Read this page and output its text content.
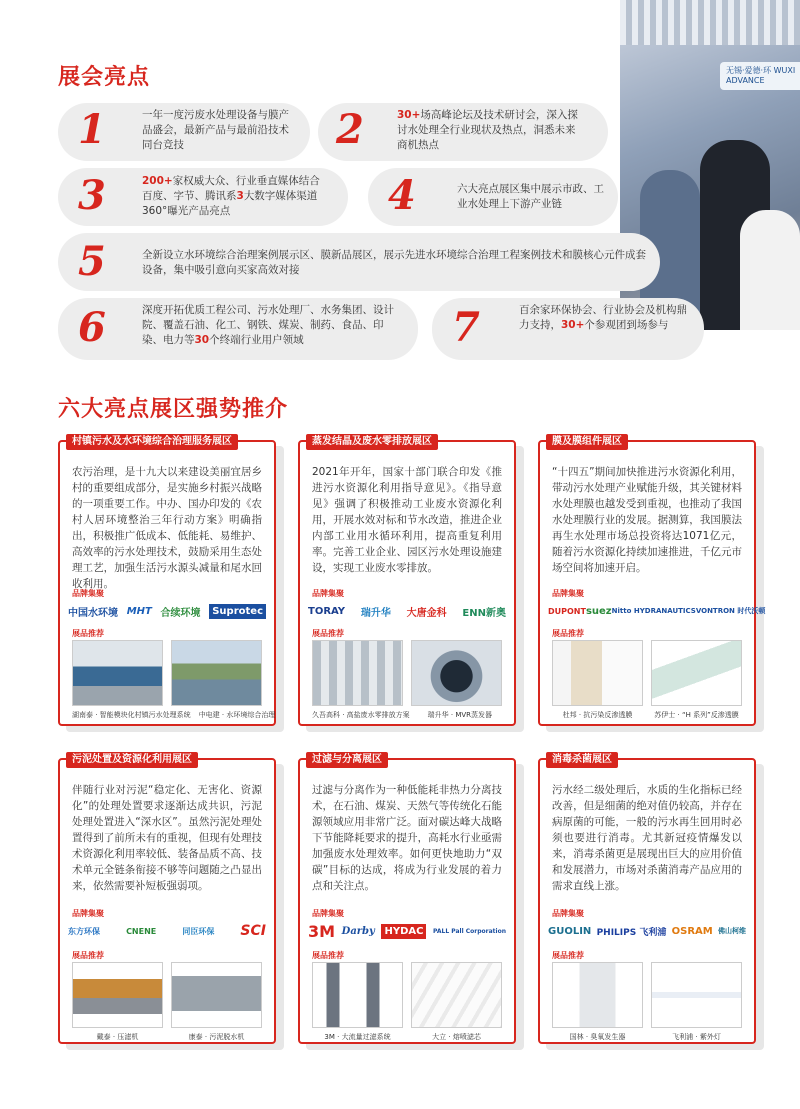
无锡·爱德·环 WUXI ADVANCE
展会亮点
1	一年一度污废水处理设备与膜产品盛会，最新产品与最前沿技术同台竞技	2	30+场高峰论坛及技术研讨会，深入探讨水处理全行业现状及热点，洞悉未来商机热点
3	200+家权威大众、行业垂直媒体结合百度、字节、腾讯系3大数字媒体渠道360°曝光产品亮点	4	六大亮点展区集中展示市政、工业水处理上下游产业链
5	全新设立水环境综合治理案例展示区、膜新品展区，展示先进水环境综合治理工程案例技术和膜核心元件成套设备，集中吸引意向买家高效对接
6	深度开拓优质工程公司、污水处理厂、水务集团、设计院、覆盖石油、化工、钢铁、煤炭、制药、食品、印染、电力等30个终端行业用户领域	7	百余家环保协会、行业协会及机构鼎力支持，30+个参观团到场参与
六大亮点展区强势推介
村镇污水及水环境综合治理服务展区
农污治理，是十九大以来建设美丽宜居乡村的重要组成部分，是实施乡村振兴战略的一项重要工作。中办、国办印发的《农村人居环境整治三年行动方案》明确指出，积极推广低成本、低能耗、易维护、高效率的污水处理技术，鼓励采用生态处理工艺，加强生活污水源头减量和尾水回收利用。
品牌集聚
中国水环境 MHT 合续环境	Suprotec
展品推荐
湖南泰 · 智能模块化村镇污水处理系统 中电建 · 水环境综合治理
蒸发结晶及废水零排放展区
2021年开年，国家十部门联合印发《推进污水资源化利用指导意见》。《指导意见》强调了积极推动工业废水资源化利用，开展水效对标和节水改造，推进企业内部工业用水循环利用，提高重复利用率。完善工业企业、园区污水处理设施建设，实现工业废水零排放。
品牌集聚
TORAY 瑞升华 大唐金科 ENN新奥
展品推荐
久吾高科 · 高盐废水零排放方案	瑞升华 · MVR蒸发器
膜及膜组件展区
“十四五”期间加快推进污水资源化利用，带动污水处理产业赋能升级，其关键材料水处理膜也越发受到重视，也推动了我国水处理膜行业的发展。据测算，我国膜法再生水处理市场总投资将达1071亿元，随着污水资源化持续加速推进，千亿元市场空间将加速开启。
品牌集聚
DUPONT suez Nitto HYDRANAUTICS VONTRON 时代沃顿
展品推荐
杜邦 · 抗污染反渗透膜	苏伊士 · “H 系列”反渗透膜
污泥处置及资源化利用展区
伴随行业对污泥“稳定化、无害化、资源化”的处理处置要求逐渐达成共识，污泥处理处置进入“深水区”。虽然污泥处理处置得到了前所未有的重视，但现有处理技术资源化利用率较低、装备品质不高、技术单元全链条衔接不够等问题随之凸显出来，依然需要补短板强弱项。
品牌集聚
东方环保	CNENE	同臣环保 SCI
展品推荐
戴泰 · 压滤机	康泰 · 污泥脱水机
过滤与分离展区
过滤与分离作为一种低能耗非热力分离技术，在石油、煤炭、天然气等传统化石能源领域应用非常广泛。面对碳达峰大战略下节能降耗要求的提升，高耗水行业亟需加强废水处理效率。如何更快地助力“双碳”目标的达成，将成为行业发展的着力点和关注点。
品牌集聚
3M Darby HYDAC	PALL Pall Corporation
展品推荐
3M · 大流量过滤系统	大立 · 熔喷滤芯
消毒杀菌展区
污水经二级处理后，水质的生化指标已经改善，但是细菌的绝对值仍较高，并存在病原菌的可能，一般的污水再生回用时必须也要进行消毒。尤其新冠疫情爆发以来，消毒杀菌更是展现出巨大的应用价值和发展潜力，市场对杀菌消毒产品应用的需求直线上涨。
品牌集聚
GUOLIN PHILIPS 飞利浦 OSRAM 佛山柯维
展品推荐
国林 · 臭氧发生器	飞利浦 · 紫外灯
